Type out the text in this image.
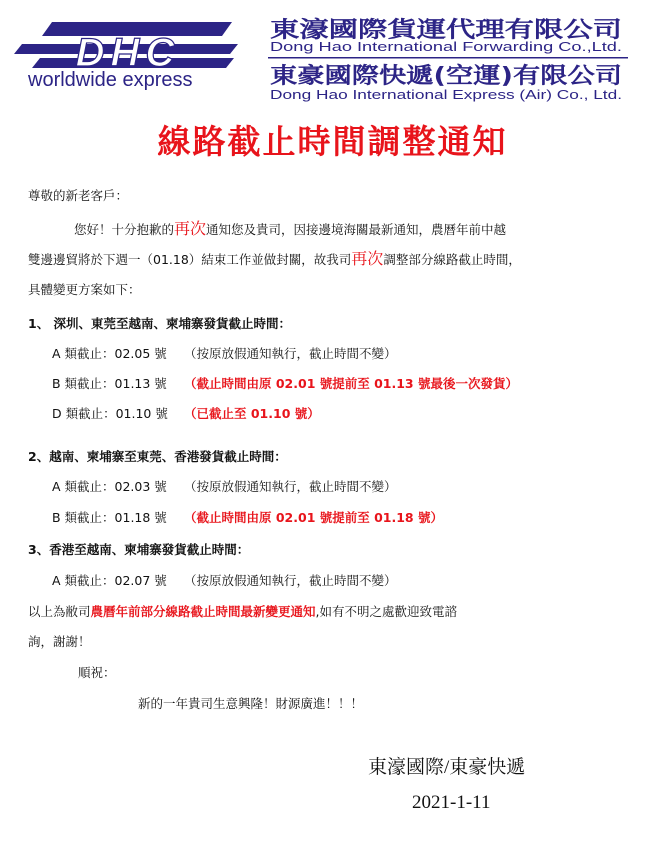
DHC
worldwide express
東濠國際貨運代理有限公司
Dong Hao International Forwarding Co.,Ltd.
東豪國際快遞(空運)有限公司
Dong Hao International Express (Air) Co., Ltd.
線路截止時間調整通知
尊敬的新老客戶：
您好！十分抱歉的再次通知您及貴司，因接邊境海關最新通知，農曆年前中越
雙邊邊貿將於下週一（01.18）結束工作並做封關，故我司再次調整部分線路截止時間，
具體變更方案如下：
1、 深圳、東莞至越南、柬埔寨發貨截止時間：
A 類截止：02.05 號 （按原放假通知執行，截止時間不變）
B 類截止：01.13 號 （截止時間由原 02.01 號提前至 01.13 號最後一次發貨）
D 類截止：01.10 號 （已截止至 01.10 號）
2、越南、柬埔寨至東莞、香港發貨截止時間：
A 類截止：02.03 號 （按原放假通知執行，截止時間不變）
B 類截止：01.18 號 （截止時間由原 02.01 號提前至 01.18 號）
3、香港至越南、柬埔寨發貨截止時間：
A 類截止：02.07 號 （按原放假通知執行，截止時間不變）
以上為敝司農曆年前部分線路截止時間最新變更通知,如有不明之處歡迎致電諮
詢，謝謝！
順祝：
新的一年貴司生意興隆！財源廣進！！！
東濠國際/東豪快遞
2021-1-11
